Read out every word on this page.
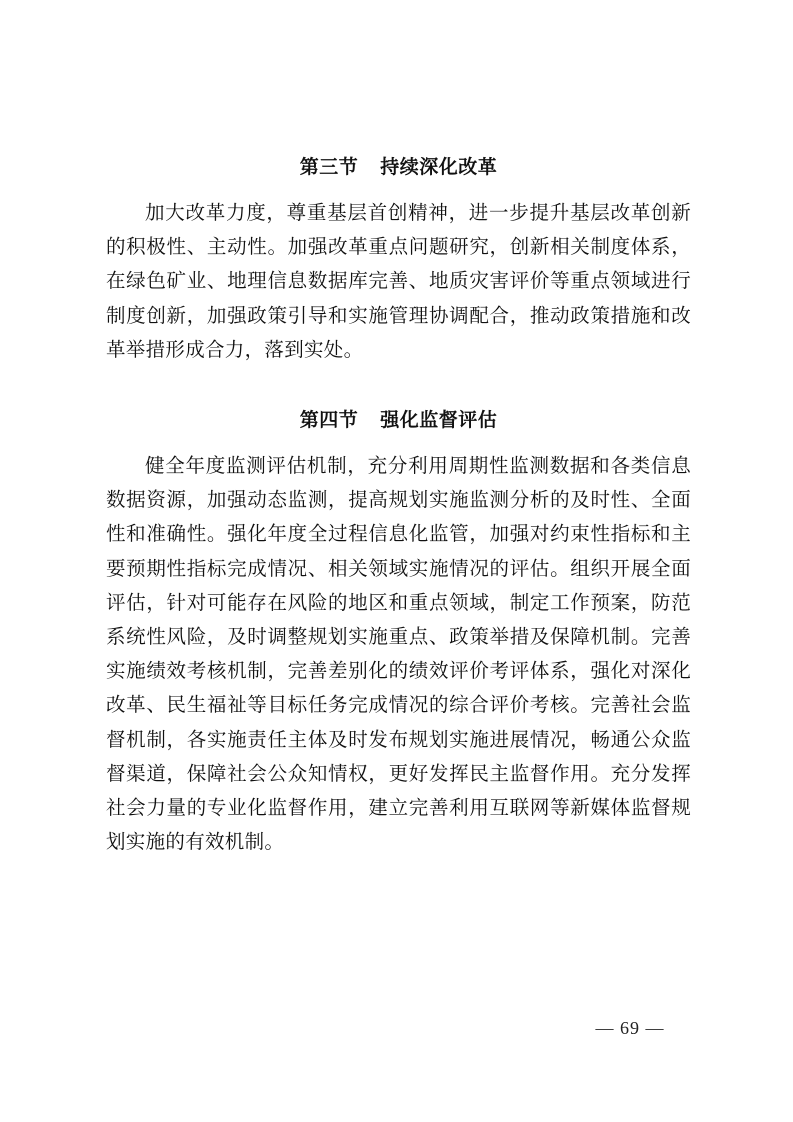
第三节 持续深化改革

加大改革力度，尊重基层首创精神，进一步提升基层改革创新的积极性、主动性。加强改革重点问题研究，创新相关制度体系，在绿色矿业、地理信息数据库完善、地质灾害评价等重点领域进行制度创新，加强政策引导和实施管理协调配合，推动政策措施和改革举措形成合力，落到实处。

第四节 强化监督评估

健全年度监测评估机制，充分利用周期性监测数据和各类信息数据资源，加强动态监测，提高规划实施监测分析的及时性、全面性和准确性。强化年度全过程信息化监管，加强对约束性指标和主要预期性指标完成情况、相关领域实施情况的评估。组织开展全面评估，针对可能存在风险的地区和重点领域，制定工作预案，防范系统性风险，及时调整规划实施重点、政策举措及保障机制。完善实施绩效考核机制，完善差别化的绩效评价考评体系，强化对深化改革、民生福祉等目标任务完成情况的综合评价考核。完善社会监督机制，各实施责任主体及时发布规划实施进展情况，畅通公众监督渠道，保障社会公众知情权，更好发挥民主监督作用。充分发挥社会力量的专业化监督作用，建立完善利用互联网等新媒体监督规划实施的有效机制。

— 69 —
